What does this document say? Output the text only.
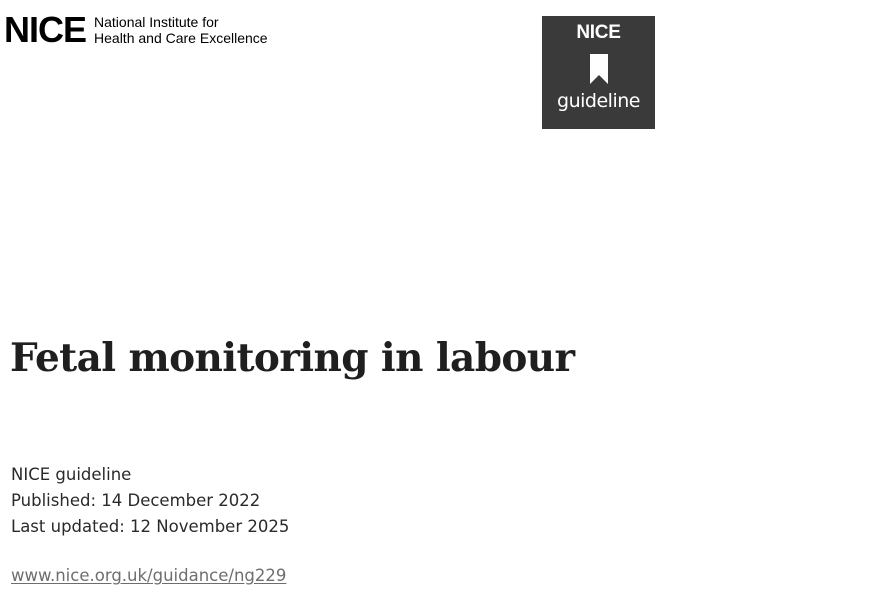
NICE National Institute for
Health and Care Excellence	NICE
guideline
Fetal monitoring in labour
NICE guideline
Published: 14 December 2022
Last updated: 12 November 2025
www.nice.org.uk/guidance/ng229
